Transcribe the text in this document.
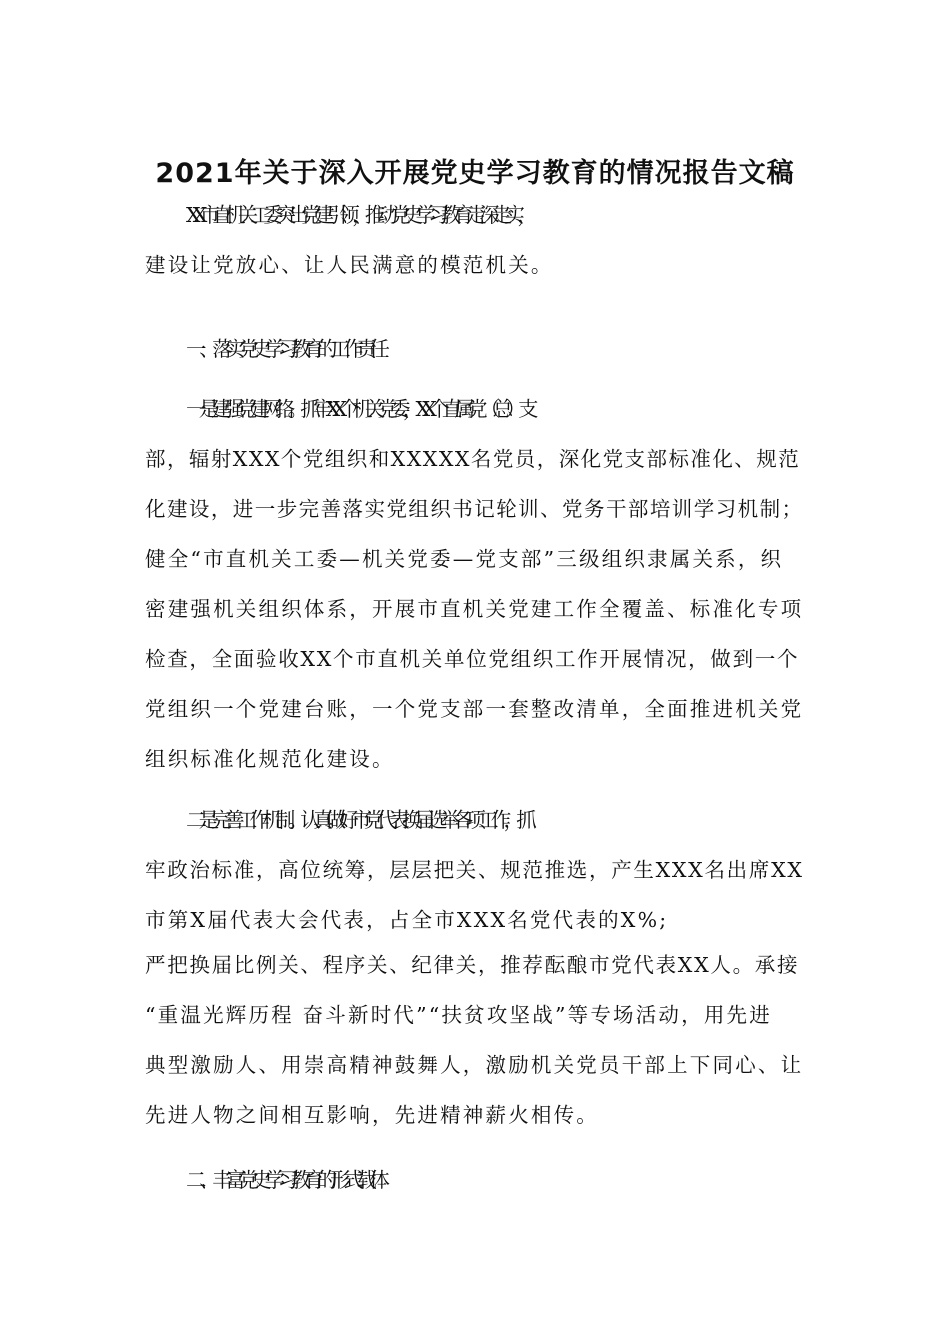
2021年关于深入开展党史学习教育的情况报告文稿

XX市直机关工委突出党建引领，推动党史学习教育走深走实，
建设让党放心、让人民满意的模范机关。

一、落实党史学习教育的工作责任

一是建强党建网络。抓牢XX个机关党委，XX个直属党（总）支
部，辐射XXX个党组织和XXXXX名党员，深化党支部标准化、规范
化建设，进一步完善落实党组织书记轮训、党务干部培训学习机制；
健全“市直机关工委—机关党委—党支部”三级组织隶属关系，织
密建强机关组织体系，开展市直机关党建工作全覆盖、标准化专项
检查，全面验收XX个市直机关单位党组织工作开展情况，做到一个
党组织一个党建台账，一个党支部一套整改清单，全面推进机关党
组织标准化规范化建设。

二是完善工作机制。认真做好市党代表换届选举各项工作，抓
牢政治标准，高位统筹，层层把关、规范推选，产生XXX名出席XX
市第X届代表大会代表，占全市XXX名党代表的X%;

严把换届比例关、程序关、纪律关，推荐酝酿市党代表XX人。承接
“重温光辉历程 奋斗新时代”“扶贫攻坚战”等专场活动，用先进
典型激励人、用崇高精神鼓舞人，激励机关党员干部上下同心、让
先进人物之间相互影响，先进精神薪火相传。

二、丰富党史学习教育的形式载体
